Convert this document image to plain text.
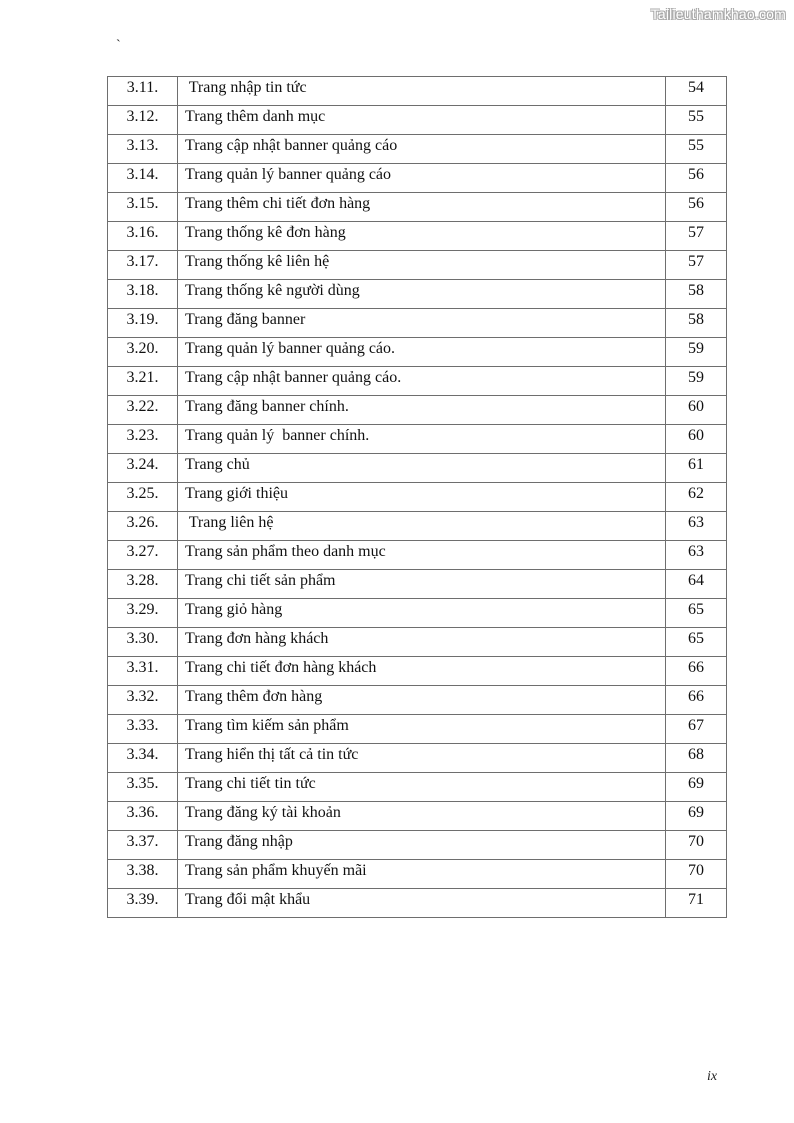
Tailieuthamkhao.com
`
3.11.	Trang nhập tin tức	54
3.12.	Trang thêm danh mục	55
3.13.	Trang cập nhật banner quảng cáo	55
3.14.	Trang quản lý banner quảng cáo	56
3.15.	Trang thêm chi tiết đơn hàng	56
3.16.	Trang thống kê đơn hàng	57
3.17.	Trang thống kê liên hệ	57
3.18.	Trang thống kê người dùng	58
3.19.	Trang đăng banner	58
3.20.	Trang quản lý banner quảng cáo.	59
3.21.	Trang cập nhật banner quảng cáo.	59
3.22.	Trang đăng banner chính.	60
3.23.	Trang quản lý  banner chính.	60
3.24.	Trang chủ	61
3.25.	Trang giới thiệu	62
3.26.	Trang liên hệ	63
3.27.	Trang sản phẩm theo danh mục	63
3.28.	Trang chi tiết sản phẩm	64
3.29.	Trang giỏ hàng	65
3.30.	Trang đơn hàng khách	65
3.31.	Trang chi tiết đơn hàng khách	66
3.32.	Trang thêm đơn hàng	66
3.33.	Trang tìm kiếm sản phẩm	67
3.34.	Trang hiển thị tất cả tin tức	68
3.35.	Trang chi tiết tin tức	69
3.36.	Trang đăng ký tài khoản	69
3.37.	Trang đăng nhập	70
3.38.	Trang sản phẩm khuyến mãi	70
3.39.	Trang đổi mật khẩu	71
ix
